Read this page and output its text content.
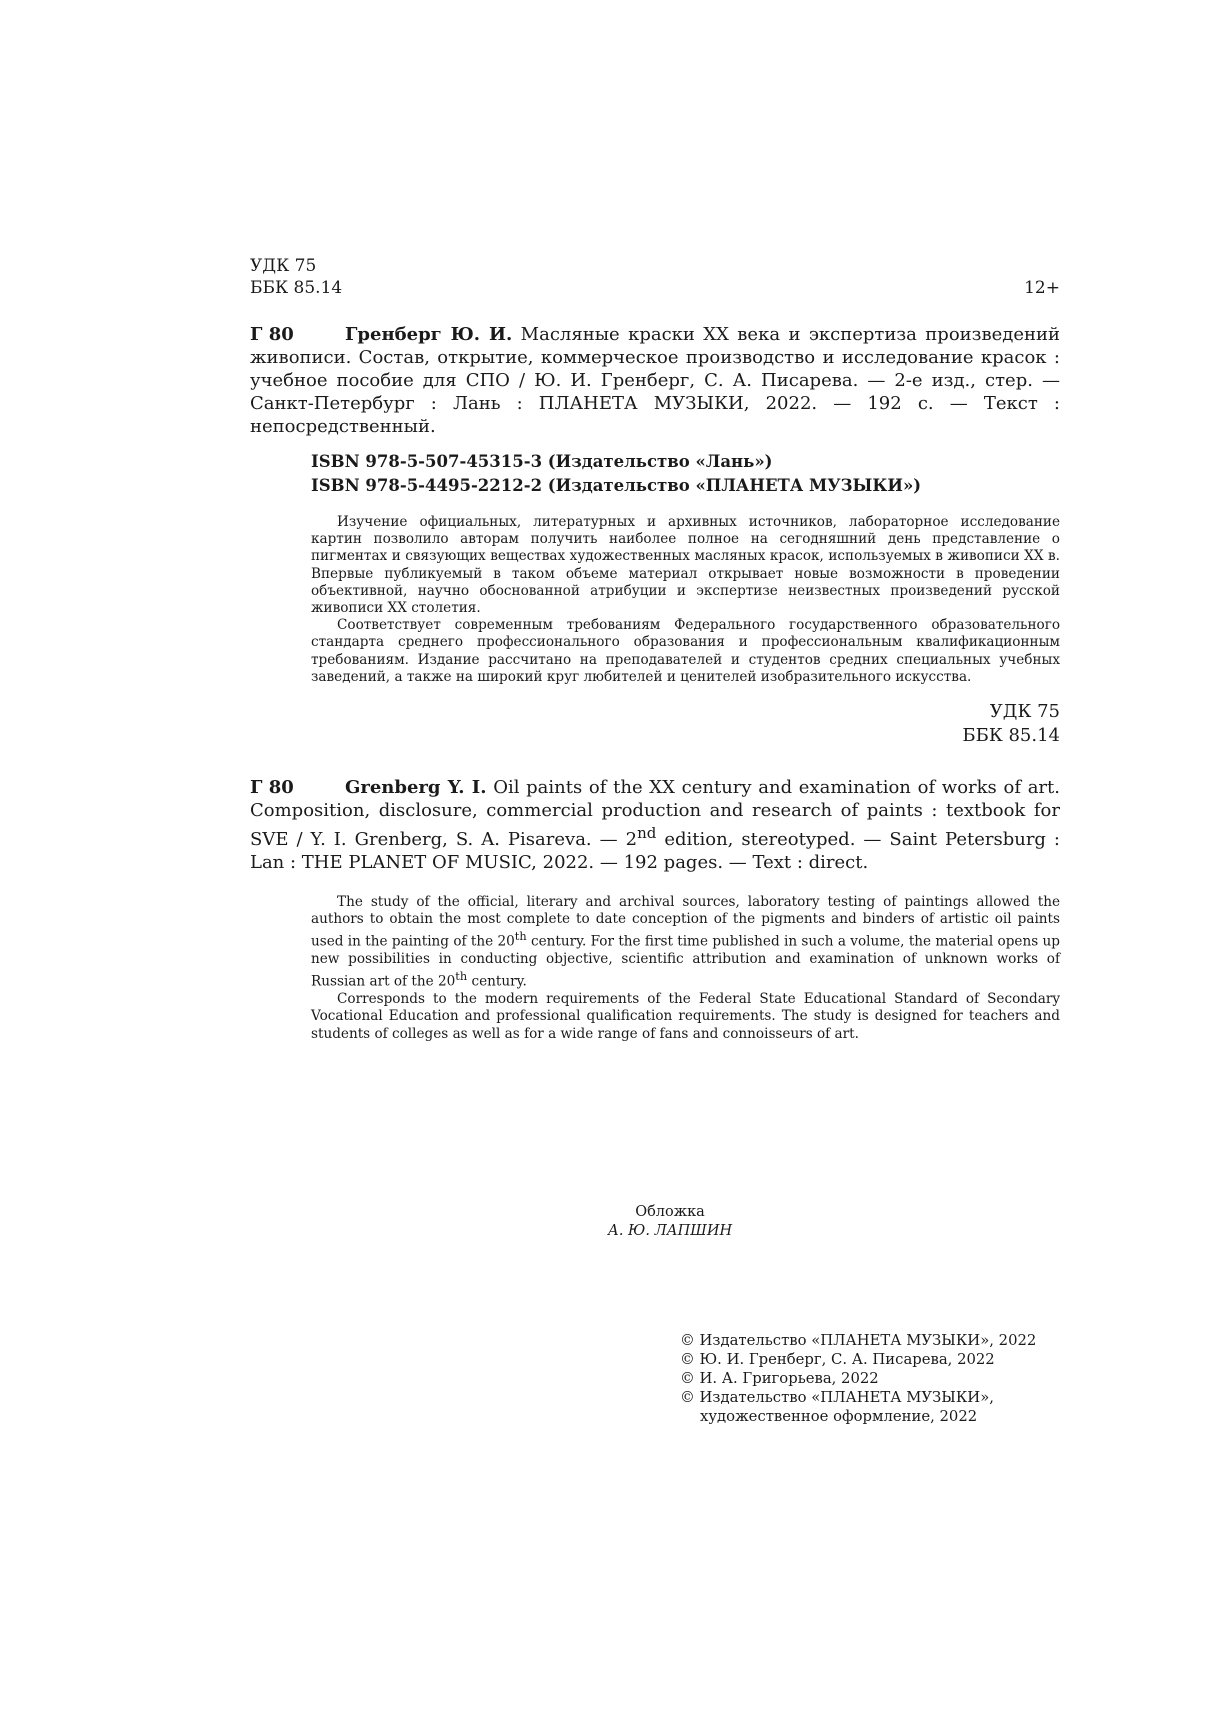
УДК 75
ББК 85.14	12+
Г 80	Гренберг Ю. И. Масляные краски XX века и экспертиза произведений живописи. Состав, открытие, коммерческое производство и исследование красок : учебное пособие для СПО / Ю. И. Гренберг, С. А. Писарева. — 2-е изд., стер. — Санкт-Петербург : Лань : ПЛАНЕТА МУЗЫКИ, 2022. — 192 с. — Текст : непосредственный.
ISBN 978-5-507-45315-3 (Издательство «Лань»)
ISBN 978-5-4495-2212-2 (Издательство «ПЛАНЕТА МУЗЫКИ»)

Изучение официальных, литературных и архивных источников, лабораторное исследование картин позволило авторам получить наиболее полное на сегодняшний день представление о пигментах и связующих веществах художественных масляных красок, используемых в живописи XX в. Впервые публикуемый в таком объеме материал открывает новые возможности в проведении объективной, научно обоснованной атрибуции и экспертизе неизвестных произведений русской живописи XX столетия.

Соответствует современным требованиям Федерального государственного образовательного стандарта среднего профессионального образования и профессиональным квалификационным требованиям. Издание рассчитано на преподавателей и студентов средних специальных учебных заведений, а также на широкий круг любителей и ценителей изобразительного искусства.

УДК 75
ББК 85.14
Г 80	Grenberg Y. I. Oil paints of the XX century and examination of works of art. Composition, disclosure, commercial production and research of paints : textbook for SVE / Y. I. Grenberg, S. A. Pisareva. — 2nd edition, stereotyped. — Saint Petersburg : Lan : THE PLANET OF MUSIC, 2022. — 192 pages. — Text : direct.

The study of the official, literary and archival sources, laboratory testing of paintings allowed the authors to obtain the most complete to date conception of the pigments and binders of artistic oil paints used in the painting of the 20th century. For the first time published in such a volume, the material opens up new possibilities in conducting objective, scientific attribution and examination of unknown works of Russian art of the 20th century.

Corresponds to the modern requirements of the Federal State Educational Standard of Secondary Vocational Education and professional qualification requirements. The study is designed for teachers and students of colleges as well as for a wide range of fans and connoisseurs of art.

Обложка
А. Ю. ЛАПШИН
© Издательство «ПЛАНЕТА МУЗЫКИ», 2022
© Ю. И. Гренберг, С. А. Писарева, 2022
© И. А. Григорьева, 2022
© Издательство «ПЛАНЕТА МУЗЫКИ», художественное оформление, 2022
